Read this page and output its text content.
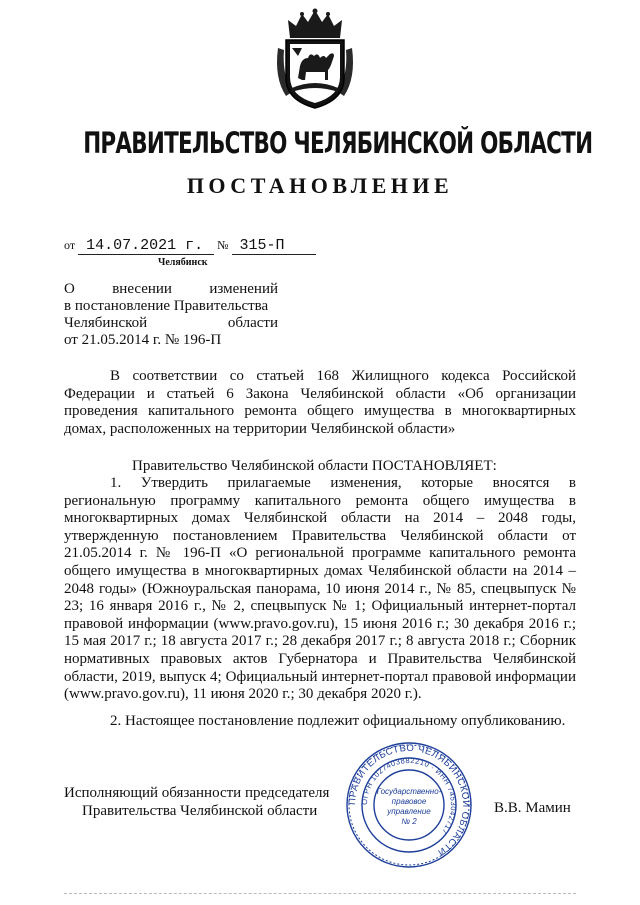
ПРАВИТЕЛЬСТВО ЧЕЛЯБИНСКОЙ ОБЛАСТИ
ПОСТАНОВЛЕНИЕ
от 14.07.2021 г. № 315-П
Челябинск
О внесении изменений
в постановление Правительства
Челябинской области
от 21.05.2014 г. № 196-П
В соответствии со статьей 168 Жилищного кодекса Российской Федерации и статьей 6 Закона Челябинской области «Об организации проведения капитального ремонта общего имущества в многоквартирных домах, расположенных на территории Челябинской области»
Правительство Челябинской области ПОСТАНОВЛЯЕТ:
1. Утвердить прилагаемые изменения, которые вносятся в региональную программу капитального ремонта общего имущества в многоквартирных домах Челябинской области на 2014 – 2048 годы, утвержденную постановлением Правительства Челябинской области от 21.05.2014 г. № 196-П «О региональной программе капитального ремонта общего имущества в многоквартирных домах Челябинской области на 2014 – 2048 годы» (Южноуральская панорама, 10 июня 2014 г., № 85, спецвыпуск № 23; 16 января 2016 г., № 2, спецвыпуск № 1; Официальный интернет-портал правовой информации (www.pravo.gov.ru), 15 июня 2016 г.; 30 декабря 2016 г.; 15 мая 2017 г.; 18 августа 2017 г.; 28 декабря 2017 г.; 8 августа 2018 г.; Сборник нормативных правовых актов Губернатора и Правительства Челябинской области, 2019, выпуск 4; Официальный интернет-портал правовой информации (www.pravo.gov.ru), 11 июня 2020 г.; 30 декабря 2020 г.).
2. Настоящее постановление подлежит официальному опубликованию.
Исполняющий обязанности председателя
Правительства Челябинской области
ПРАВИТЕЛЬСТВО ЧЕЛЯБИНСКОЙ ОБЛАСТИ
ОГРН 1027403882210 · ИНН 7453042717
Государственно-
правовое
управление
№ 2
В.В. Мамин
